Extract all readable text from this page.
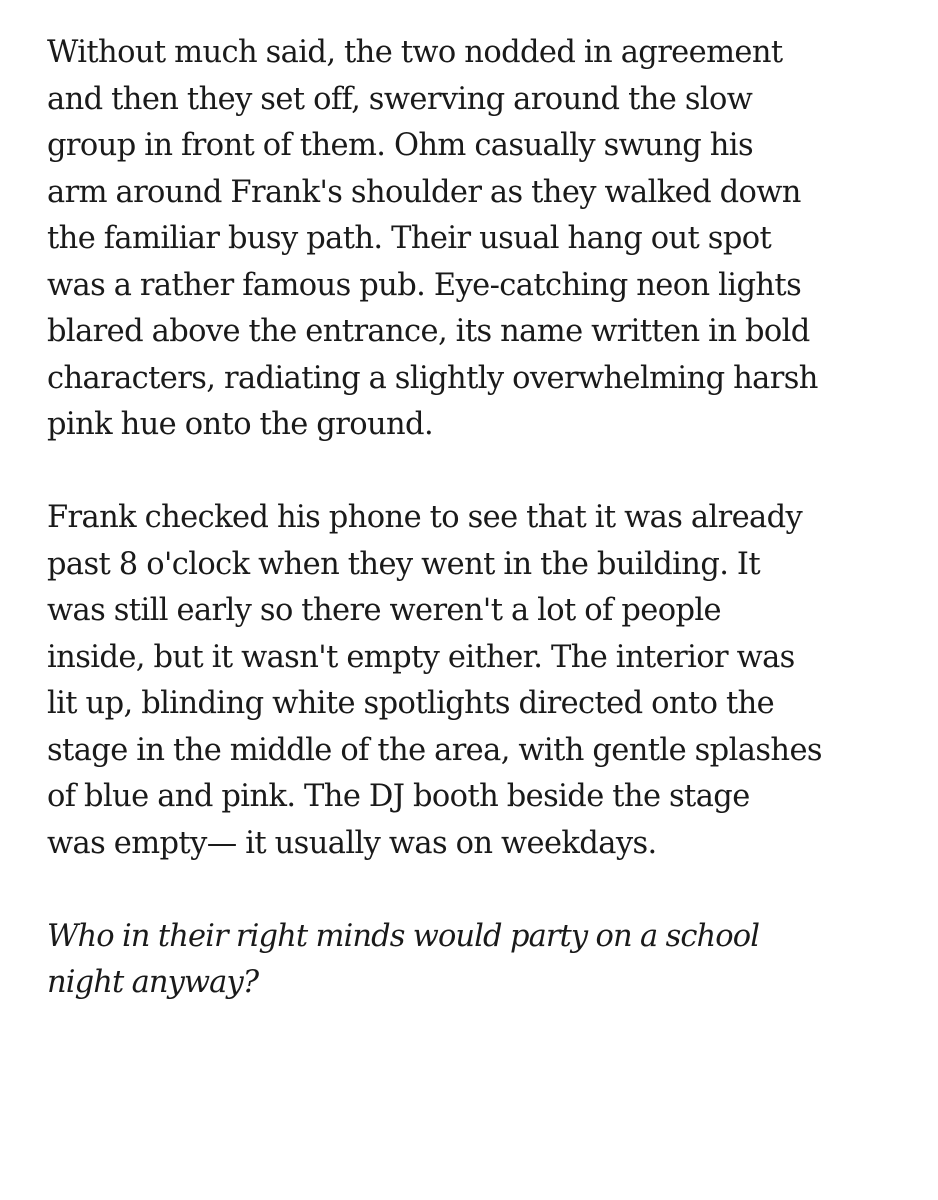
Without much said, the two nodded in agreement
and then they set off, swerving around the slow
group in front of them. Ohm casually swung his
arm around Frank's shoulder as they walked down
the familiar busy path. Their usual hang out spot
was a rather famous pub. Eye-catching neon lights
blared above the entrance, its name written in bold
characters, radiating a slightly overwhelming harsh
pink hue onto the ground.

Frank checked his phone to see that it was already
past 8 o'clock when they went in the building. It
was still early so there weren't a lot of people
inside, but it wasn't empty either. The interior was
lit up, blinding white spotlights directed onto the
stage in the middle of the area, with gentle splashes
of blue and pink. The DJ booth beside the stage
was empty— it usually was on weekdays.

Who in their right minds would party on a school
night anyway?
